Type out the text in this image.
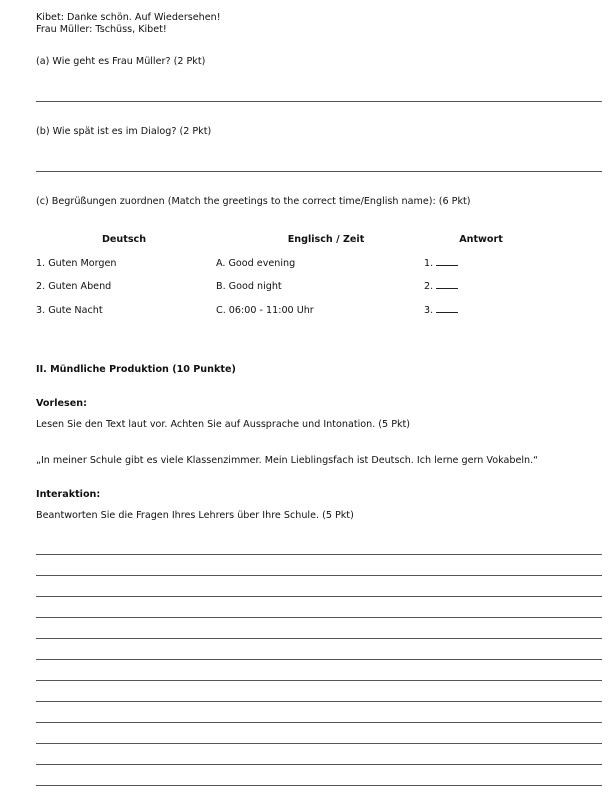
Kibet: Danke schön. Auf Wiedersehen!
Frau Müller: Tschüss, Kibet!
(a) Wie geht es Frau Müller? (2 Pkt)
(b) Wie spät ist es im Dialog? (2 Pkt)
(c) Begrüßungen zuordnen (Match the greetings to the correct time/English name): (6 Pkt)
Deutsch	Englisch / Zeit	Antwort
1. Guten Morgen	A. Good evening	1.
2. Guten Abend	B. Good night	2.
3. Gute Nacht	C. 06:00 - 11:00 Uhr	3.
II. Mündliche Produktion (10 Punkte)
Vorlesen:
Lesen Sie den Text laut vor. Achten Sie auf Aussprache und Intonation. (5 Pkt)
„In meiner Schule gibt es viele Klassenzimmer. Mein Lieblingsfach ist Deutsch. Ich lerne gern Vokabeln.“
Interaktion:
Beantworten Sie die Fragen Ihres Lehrers über Ihre Schule. (5 Pkt)
